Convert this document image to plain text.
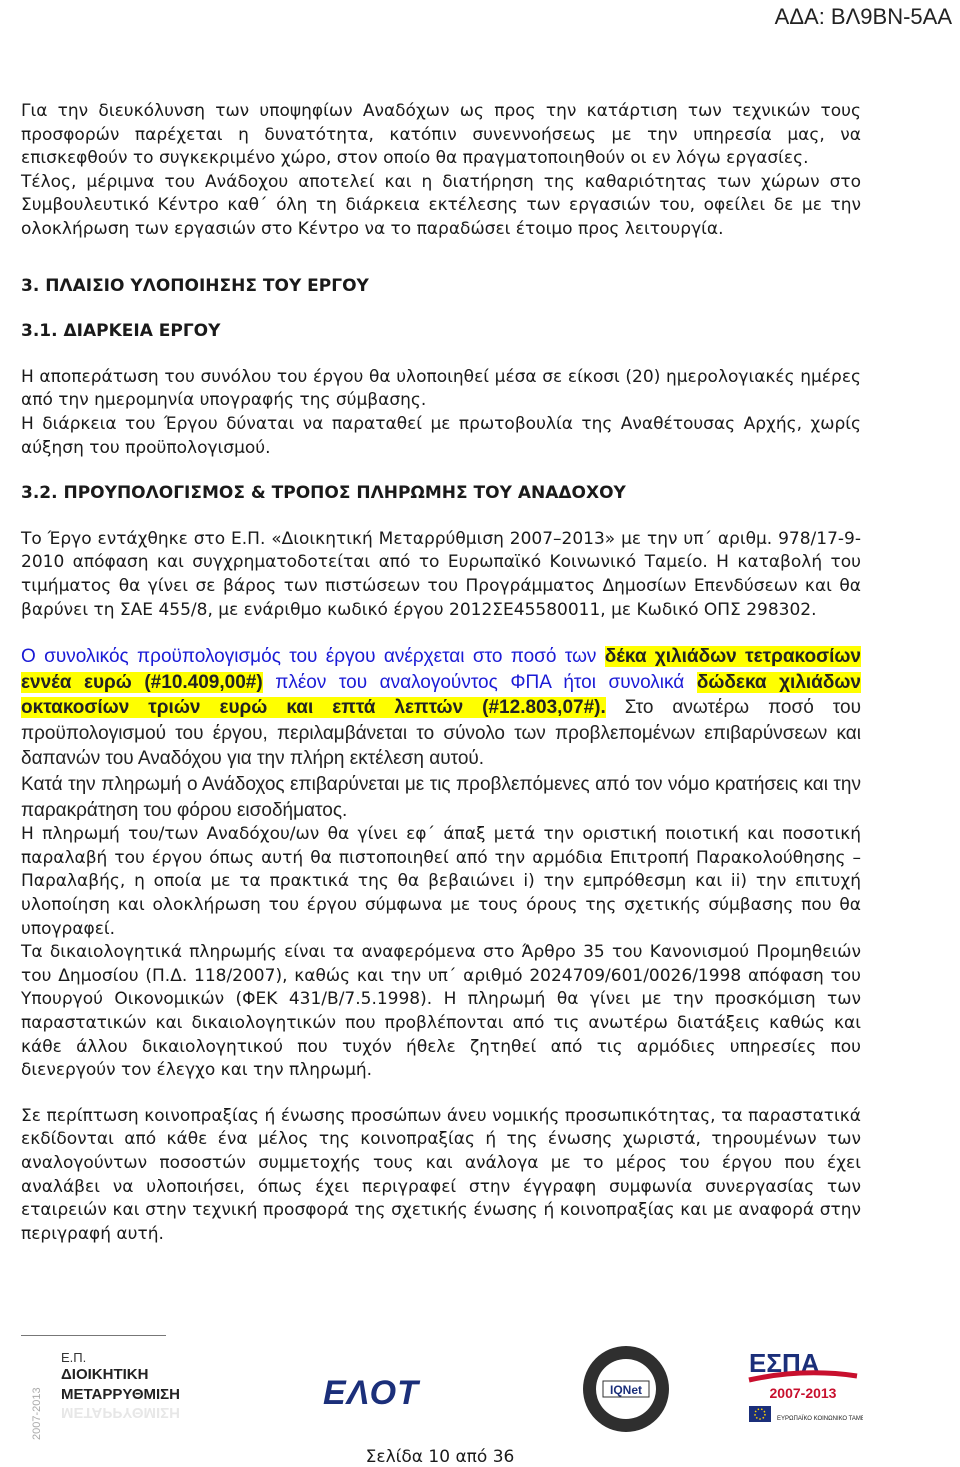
ΑΔΑ: ΒΛ9ΒΝ-5ΑΑ

Για την διευκόλυνση των υποψηφίων Αναδόχων ως προς την κατάρτιση των τεχνικών τους προσφορών παρέχεται η δυνατότητα, κατόπιν συνεννοήσεως με την υπηρεσία μας, να επισκεφθούν το συγκεκριμένο χώρο, στον οποίο θα πραγματοποιηθούν οι εν λόγω εργασίες.

Τέλος, μέριμνα του Ανάδοχου αποτελεί και η διατήρηση της καθαριότητας των χώρων στο Συμβουλευτικό Κέντρο καθ΄ όλη τη διάρκεια εκτέλεσης των εργασιών του, οφείλει δε με την ολοκλήρωση των εργασιών στο Κέντρο να το παραδώσει έτοιμο προς λειτουργία.

3. ΠΛΑΙΣΙΟ ΥΛΟΠΟΙΗΣΗΣ ΤΟΥ ΕΡΓΟΥ
3.1. ΔΙΑΡΚΕΙΑ ΕΡΓΟΥ

Η αποπεράτωση του συνόλου του έργου θα υλοποιηθεί μέσα σε είκοσι (20) ημερολογιακές ημέρες από την ημερομηνία υπογραφής της σύμβασης.

Η διάρκεια του Έργου δύναται να παραταθεί με πρωτοβουλία της Αναθέτουσας Αρχής, χωρίς αύξηση του προϋπολογισμού.

3.2. ΠΡΟΥΠΟΛΟΓΙΣΜΟΣ & ΤΡΟΠΟΣ ΠΛΗΡΩΜΗΣ ΤΟΥ ΑΝΑΔΟΧΟΥ

Το Έργο εντάχθηκε στο Ε.Π. «Διοικητική Μεταρρύθμιση 2007–2013» με την υπ΄ αριθμ. 978/17-9-2010 απόφαση και συγχρηματοδοτείται από το Ευρωπαϊκό Κοινωνικό Ταμείο. Η καταβολή του τιμήματος θα γίνει σε βάρος των πιστώσεων του Προγράμματος Δημοσίων Επενδύσεων και θα βαρύνει τη ΣΑΕ 455/8, με ενάριθμο κωδικό έργου 2012ΣΕ45580011, με Κωδικό ΟΠΣ 298302.

Ο συνολικός προϋπολογισμός του έργου ανέρχεται στο ποσό των δέκα χιλιάδων τετρακοσίων εννέα ευρώ (#10.409,00#) πλέον του αναλογούντος ΦΠΑ ήτοι συνολικά δώδεκα χιλιάδων οκτακοσίων τριών ευρώ και επτά λεπτών (#12.803,07#). Στο ανωτέρω ποσό του προϋπολογισμού του έργου, περιλαμβάνεται το σύνολο των προβλεπομένων επιβαρύνσεων και δαπανών του Αναδόχου για την πλήρη εκτέλεση αυτού.

Κατά την πληρωμή ο Ανάδοχος επιβαρύνεται με τις προβλεπόμενες από τον νόμο κρατήσεις και την παρακράτηση του φόρου εισοδήματος.

Η πληρωμή του/των Αναδόχου/ων θα γίνει εφ΄ άπαξ μετά την οριστική ποιοτική και ποσοτική παραλαβή του έργου όπως αυτή θα πιστοποιηθεί από την αρμόδια Επιτροπή Παρακολούθησης – Παραλαβής, η οποία με τα πρακτικά της θα βεβαιώνει i) την εμπρόθεσμη και ii) την επιτυχή υλοποίηση και ολοκλήρωση του έργου σύμφωνα με τους όρους της σχετικής σύμβασης που θα υπογραφεί.

Τα δικαιολογητικά πληρωμής είναι τα αναφερόμενα στο Άρθρο 35 του Κανονισμού Προμηθειών του Δημοσίου (Π.Δ. 118/2007), καθώς και την υπ΄ αριθμό 2024709/601/0026/1998 απόφαση του Υπουργού Οικονομικών (ΦΕΚ 431/Β/7.5.1998). Η πληρωμή θα γίνει με την προσκόμιση των παραστατικών και δικαιολογητικών που προβλέπονται από τις ανωτέρω διατάξεις καθώς και κάθε άλλου δικαιολογητικού που τυχόν ήθελε ζητηθεί από τις αρμόδιες υπηρεσίες που διενεργούν τον έλεγχο και την πληρωμή.

Σε περίπτωση κοινοπραξίας ή ένωσης προσώπων άνευ νομικής προσωπικότητας, τα παραστατικά εκδίδονται από κάθε ένα μέλος της κοινοπραξίας ή της ένωσης χωριστά, τηρουμένων των αναλογούντων ποσοστών συμμετοχής τους και ανάλογα με το μέρος του έργου που έχει αναλάβει να υλοποιήσει, όπως έχει περιγραφεί στην έγγραφη συμφωνία συνεργασίας των εταιρειών και στην τεχνική προσφορά της σχετικής ένωσης ή κοινοπραξίας και με αναφορά στην περιγραφή αυτή.

2007-2013
Ε.Π.
ΔΙΟΙΚΗΤΙΚΗ
ΜΕΤΑΡΡΥΘΜΙΣΗ
ΜΕΤΑΡΡΥΘΜΙΣΗ
ΕΛΟΤ	IQNet
ΕΣΠΑ
2007-2013
ΕΥΡΩΠΑΪΚΟ ΚΟΙΝΩΝΙΚΟ ΤΑΜΕΙΟ
Σελίδα 10 από 36
